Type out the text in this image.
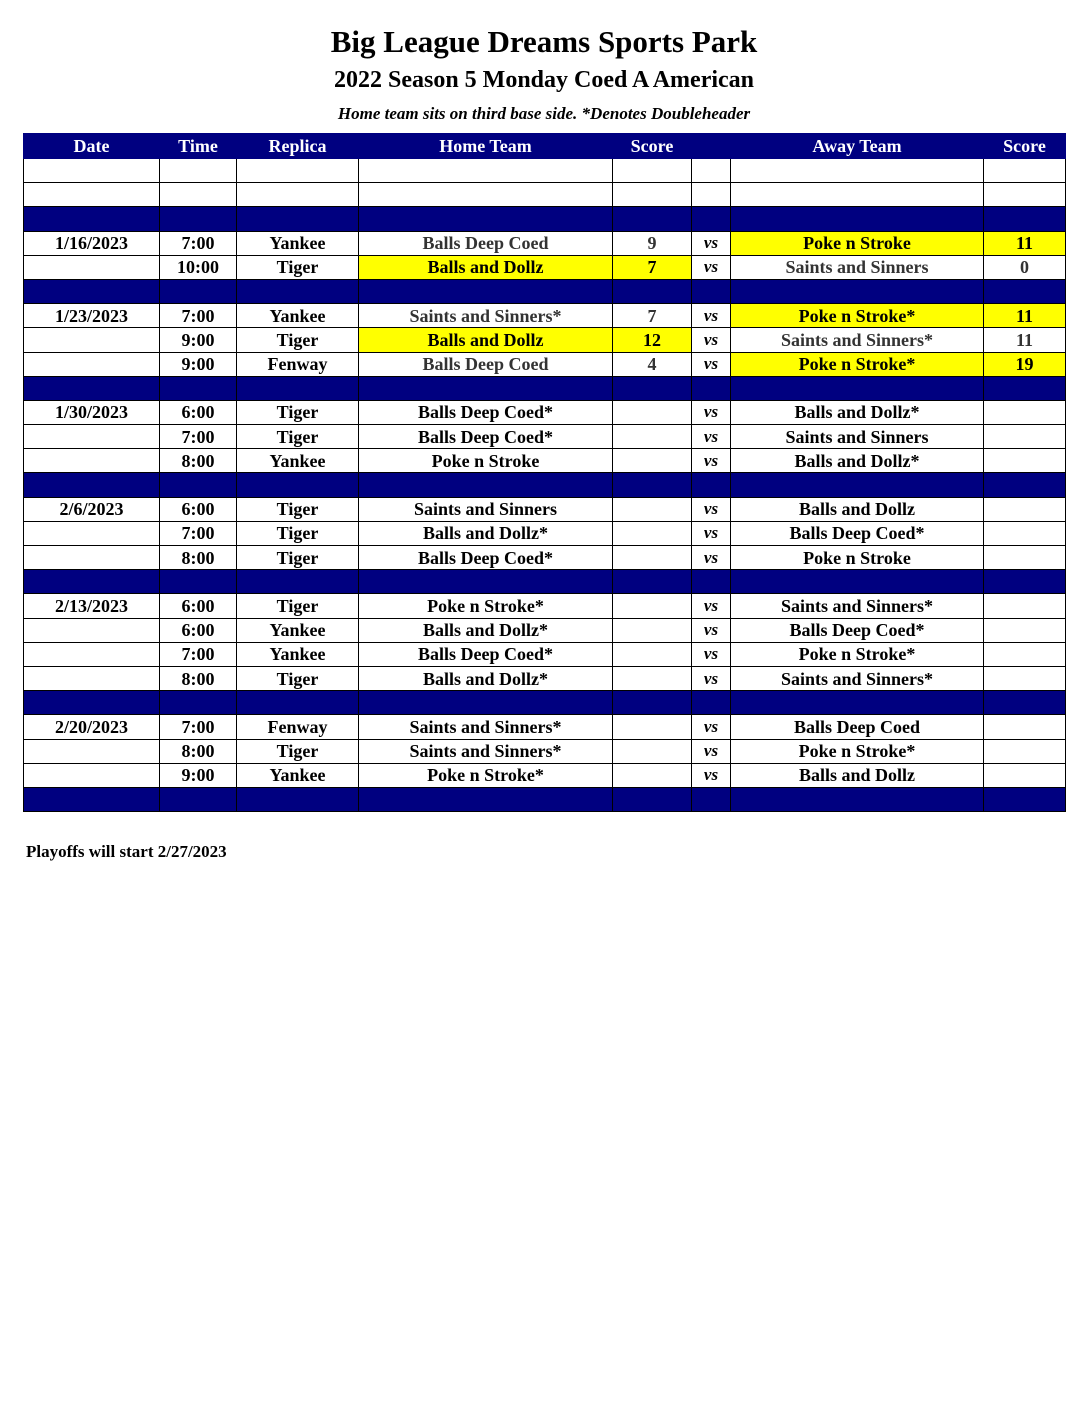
Big League Dreams Sports Park
2022 Season 5 Monday Coed A American
Home team sits on third base side. *Denotes Doubleheader
Date	Time	Replica	Home Team	Score		Away Team	Score

1/16/2023	7:00	Yankee	Balls Deep Coed	9	vs	Poke n Stroke	11
	10:00	Tiger	Balls and Dollz	7	vs	Saints and Sinners	0

1/23/2023	7:00	Yankee	Saints and Sinners*	7	vs	Poke n Stroke*	11
	9:00	Tiger	Balls and Dollz	12	vs	Saints and Sinners*	11
	9:00	Fenway	Balls Deep Coed	4	vs	Poke n Stroke*	19

1/30/2023	6:00	Tiger	Balls Deep Coed*		vs	Balls and Dollz*	
	7:00	Tiger	Balls Deep Coed*		vs	Saints and Sinners	
	8:00	Yankee	Poke n Stroke		vs	Balls and Dollz*	

2/6/2023	6:00	Tiger	Saints and Sinners		vs	Balls and Dollz	
	7:00	Tiger	Balls and Dollz*		vs	Balls Deep Coed*	
	8:00	Tiger	Balls Deep Coed*		vs	Poke n Stroke	

2/13/2023	6:00	Tiger	Poke n Stroke*		vs	Saints and Sinners*	
	6:00	Yankee	Balls and Dollz*		vs	Balls Deep Coed*	
	7:00	Yankee	Balls Deep Coed*		vs	Poke n Stroke*	
	8:00	Tiger	Balls and Dollz*		vs	Saints and Sinners*	

2/20/2023	7:00	Fenway	Saints and Sinners*		vs	Balls Deep Coed	
	8:00	Tiger	Saints and Sinners*		vs	Poke n Stroke*	
	9:00	Yankee	Poke n Stroke*		vs	Balls and Dollz	

Playoffs will start 2/27/2023
